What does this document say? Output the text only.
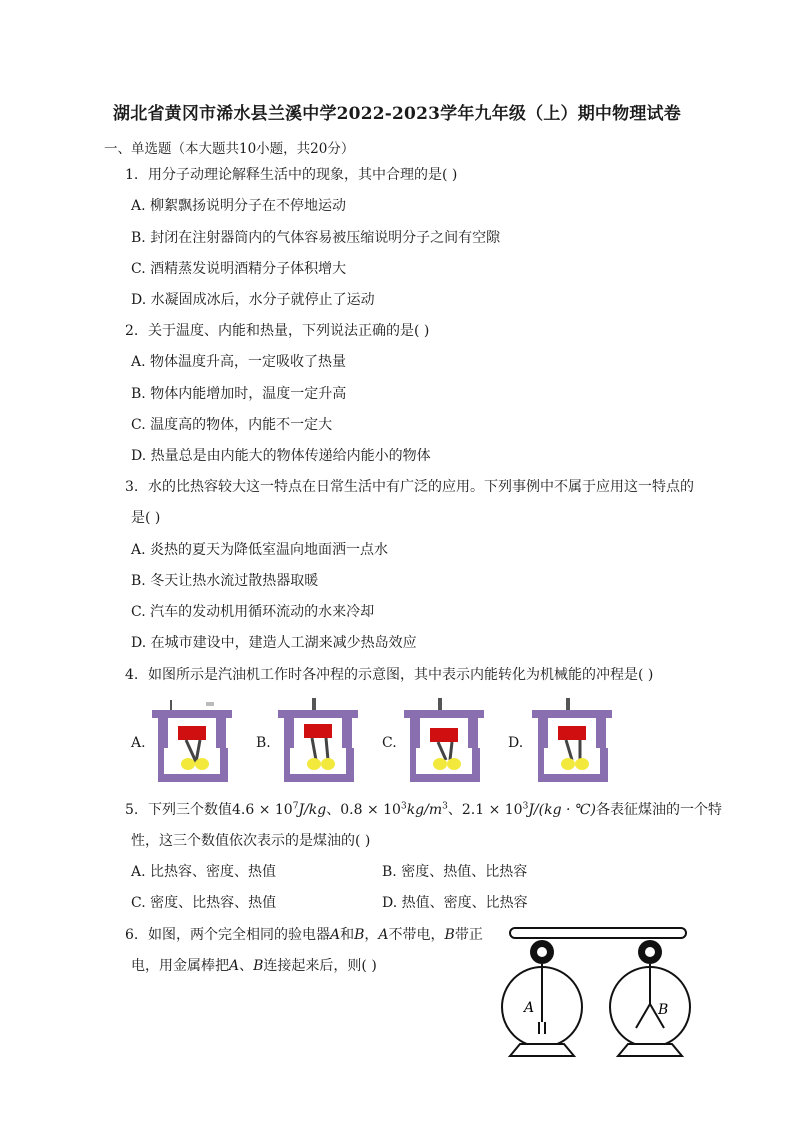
湖北省黄冈市浠水县兰溪中学2022-2023学年九年级（上）期中物理试卷
一、单选题（本大题共10小题，共20分）
1. 用分子动理论解释生活中的现象，其中合理的是( )
A. 柳絮飘扬说明分子在不停地运动
B. 封闭在注射器筒内的气体容易被压缩说明分子之间有空隙
C. 酒精蒸发说明酒精分子体积增大
D. 水凝固成冰后，水分子就停止了运动
2. 关于温度、内能和热量，下列说法正确的是( )
A. 物体温度升高，一定吸收了热量
B. 物体内能增加时，温度一定升高
C. 温度高的物体，内能不一定大
D. 热量总是由内能大的物体传递给内能小的物体
3. 水的比热容较大这一特点在日常生活中有广泛的应用。下列事例中不属于应用这一特点的
是( )
A. 炎热的夏天为降低室温向地面洒一点水
B. 冬天让热水流过散热器取暖
C. 汽车的发动机用循环流动的水来冷却
D. 在城市建设中，建造人工湖来减少热岛效应
4. 如图所示是汽油机工作时各冲程的示意图，其中表示内能转化为机械能的冲程是( )
A.	B.	C.	D.
5. 下列三个数值$4.6 \times 10^7J/kg$、$0.8 \times 10^3kg/m^3$、$2.1 \times 10^3J/(kg$ · ℃)各表征煤油的一个特
性，这三个数值依次表示的是煤油的( )
A. 比热容、密度、热值	B. 密度、热值、比热容
C. 密度、比热容、热值	D. 热值、密度、比热容
6. 如图，两个完全相同的验电器A和B，A不带电，B带正
电，用金属棒把A、B连接起来后，则( )
A	B
